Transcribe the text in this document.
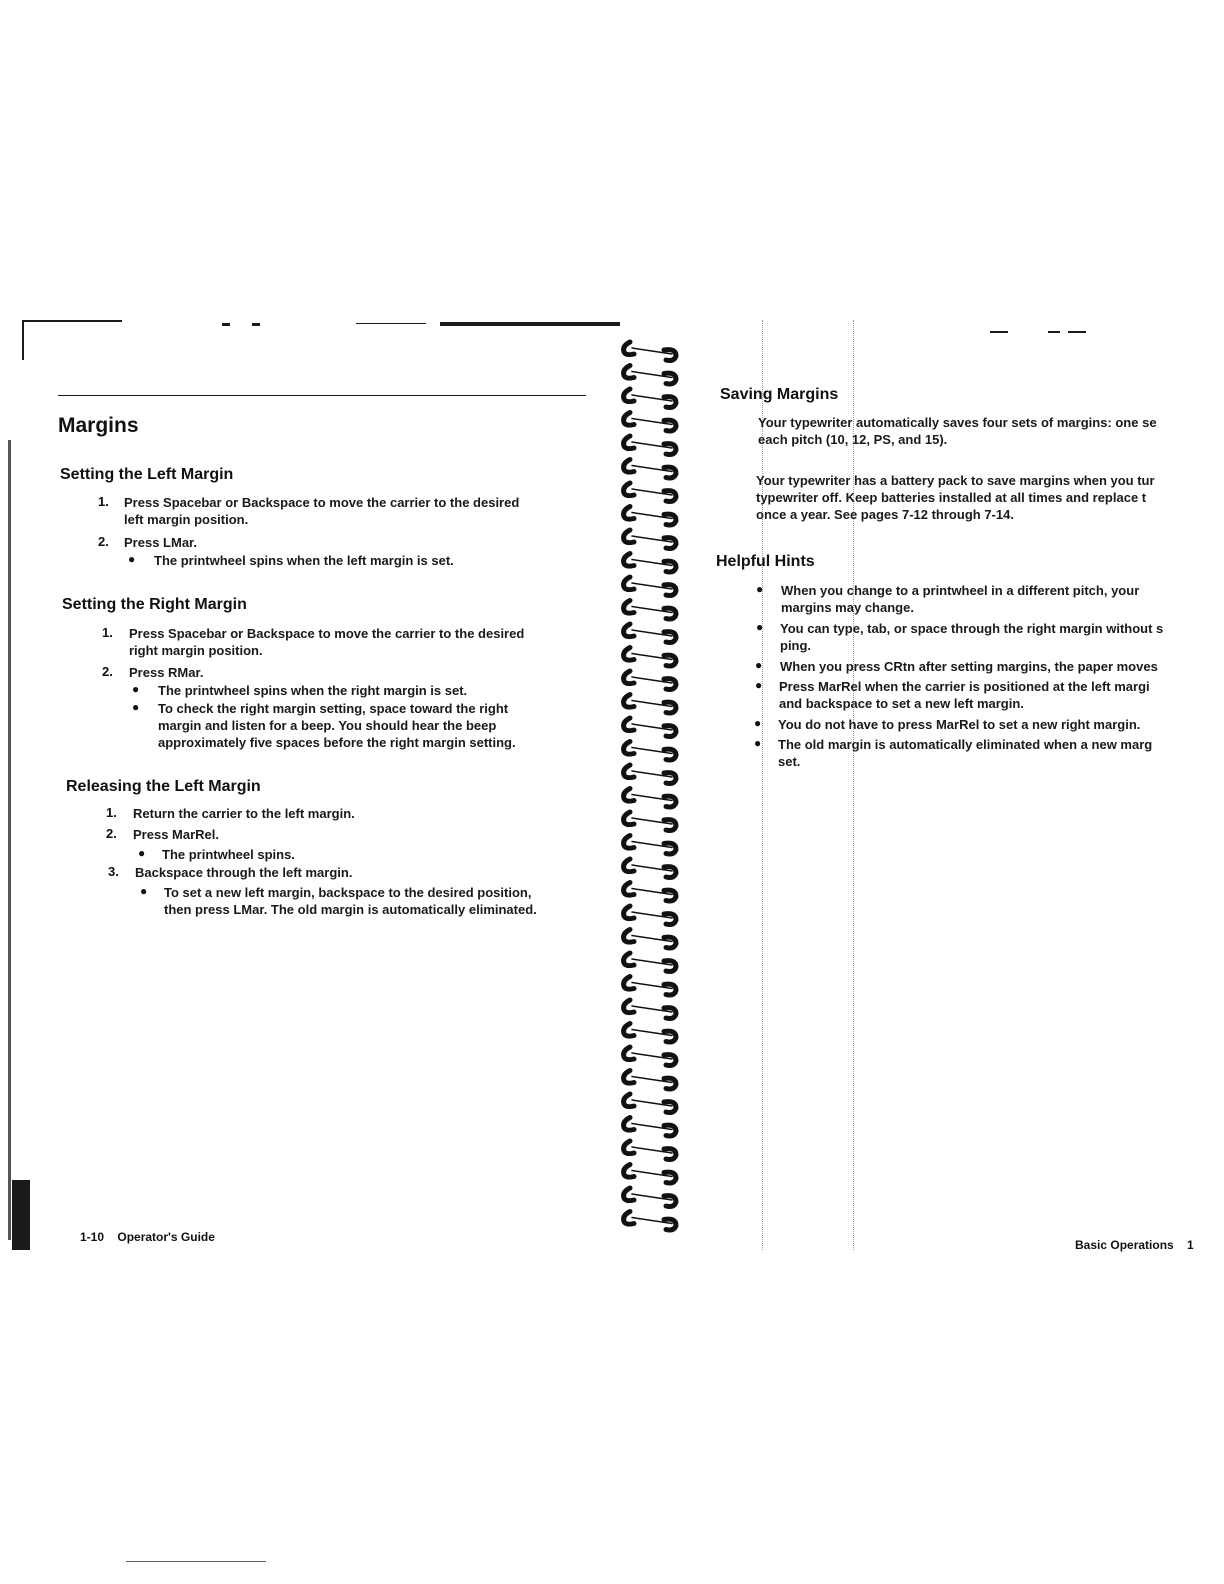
Margins
Setting the Left Margin
1. Press Spacebar or Backspace to move the carrier to the desired
left margin position.
2. Press LMar.
● The printwheel spins when the left margin is set.
Setting the Right Margin
1. Press Spacebar or Backspace to move the carrier to the desired
right margin position.
2. Press RMar.
● The printwheel spins when the right margin is set.
● To check the right margin setting, space toward the right
margin and listen for a beep. You should hear the beep
approximately five spaces before the right margin setting.
Releasing the Left Margin
1. Return the carrier to the left margin.
2. Press MarRel.
● The printwheel spins.
3. Backspace through the left margin.
● To set a new left margin, backspace to the desired position,
then press LMar. The old margin is automatically eliminated.
1-10 Operator's Guide
Saving Margins
Your typewriter automatically saves four sets of margins: one se
each pitch (10, 12, PS, and 15).
Your typewriter has a battery pack to save margins when you tur
typewriter off. Keep batteries installed at all times and replace t
once a year. See pages 7-12 through 7-14.
Helpful Hints
● When you change to a printwheel in a different pitch, your
margins may change.
● You can type, tab, or space through the right margin without s
ping.
● When you press CRtn after setting margins, the paper moves
● Press MarRel when the carrier is positioned at the left margi
and backspace to set a new left margin.
● You do not have to press MarRel to set a new right margin.
● The old margin is automatically eliminated when a new marg
set.
Basic Operations 1
